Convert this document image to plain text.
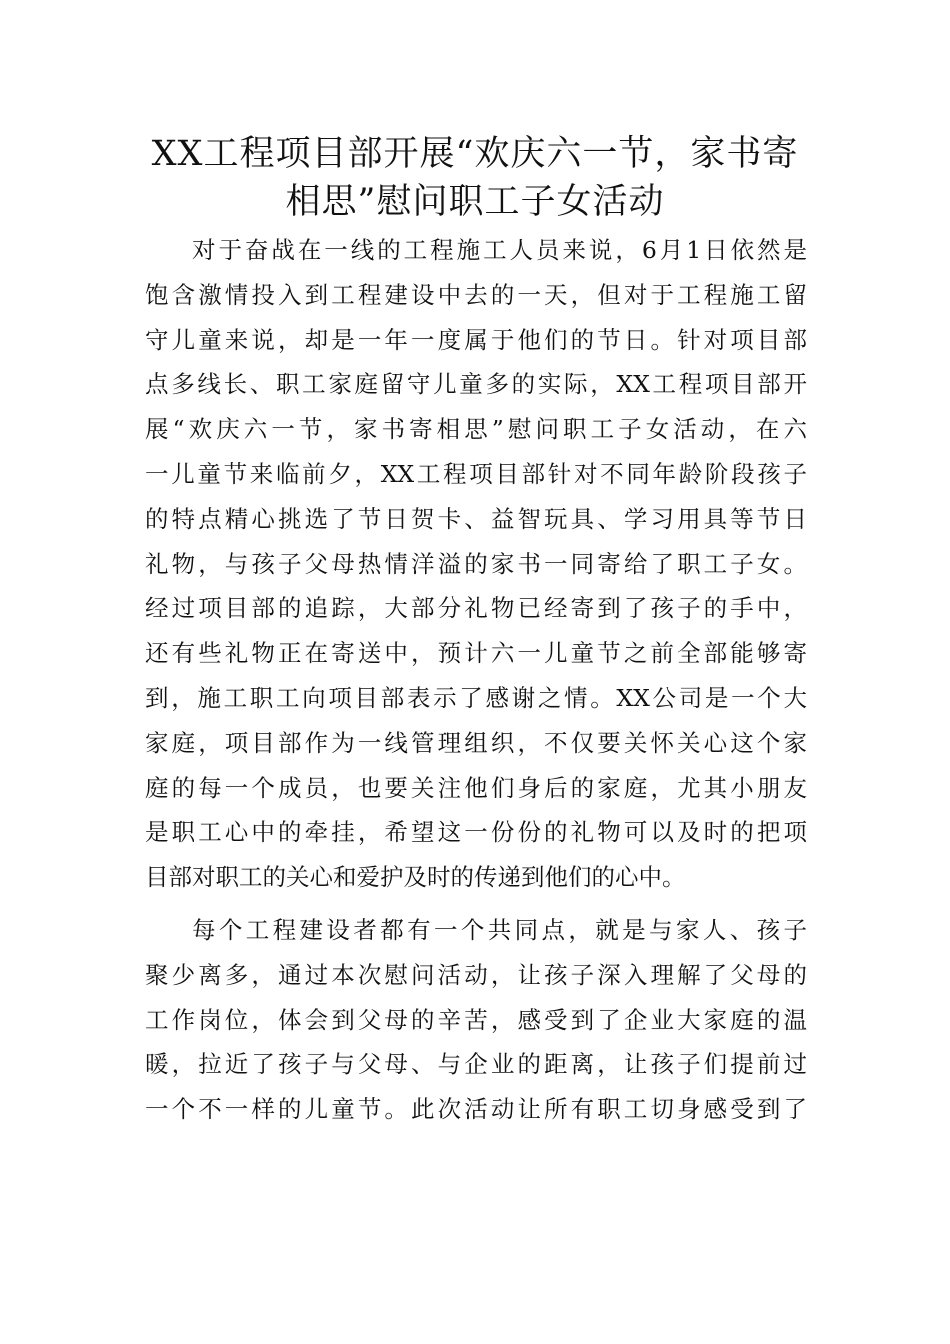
XX工程项目部开展“欢庆六一节，家书寄
相思”慰问职工子女活动
对于奋战在一线的工程施工人员来说，6月1日依然是
饱含激情投入到工程建设中去的一天，但对于工程施工留
守儿童来说，却是一年一度属于他们的节日。针对项目部
点多线长、职工家庭留守儿童多的实际，XX工程项目部开
展“欢庆六一节，家书寄相思”慰问职工子女活动，在六
一儿童节来临前夕，XX工程项目部针对不同年龄阶段孩子
的特点精心挑选了节日贺卡、益智玩具、学习用具等节日
礼物，与孩子父母热情洋溢的家书一同寄给了职工子女。
经过项目部的追踪，大部分礼物已经寄到了孩子的手中，
还有些礼物正在寄送中，预计六一儿童节之前全部能够寄
到，施工职工向项目部表示了感谢之情。XX公司是一个大
家庭，项目部作为一线管理组织，不仅要关怀关心这个家
庭的每一个成员，也要关注他们身后的家庭，尤其小朋友
是职工心中的牵挂，希望这一份份的礼物可以及时的把项
目部对职工的关心和爱护及时的传递到他们的心中。
每个工程建设者都有一个共同点，就是与家人、孩子
聚少离多，通过本次慰问活动，让孩子深入理解了父母的
工作岗位，体会到父母的辛苦，感受到了企业大家庭的温
暖，拉近了孩子与父母、与企业的距离，让孩子们提前过
一个不一样的儿童节。此次活动让所有职工切身感受到了
